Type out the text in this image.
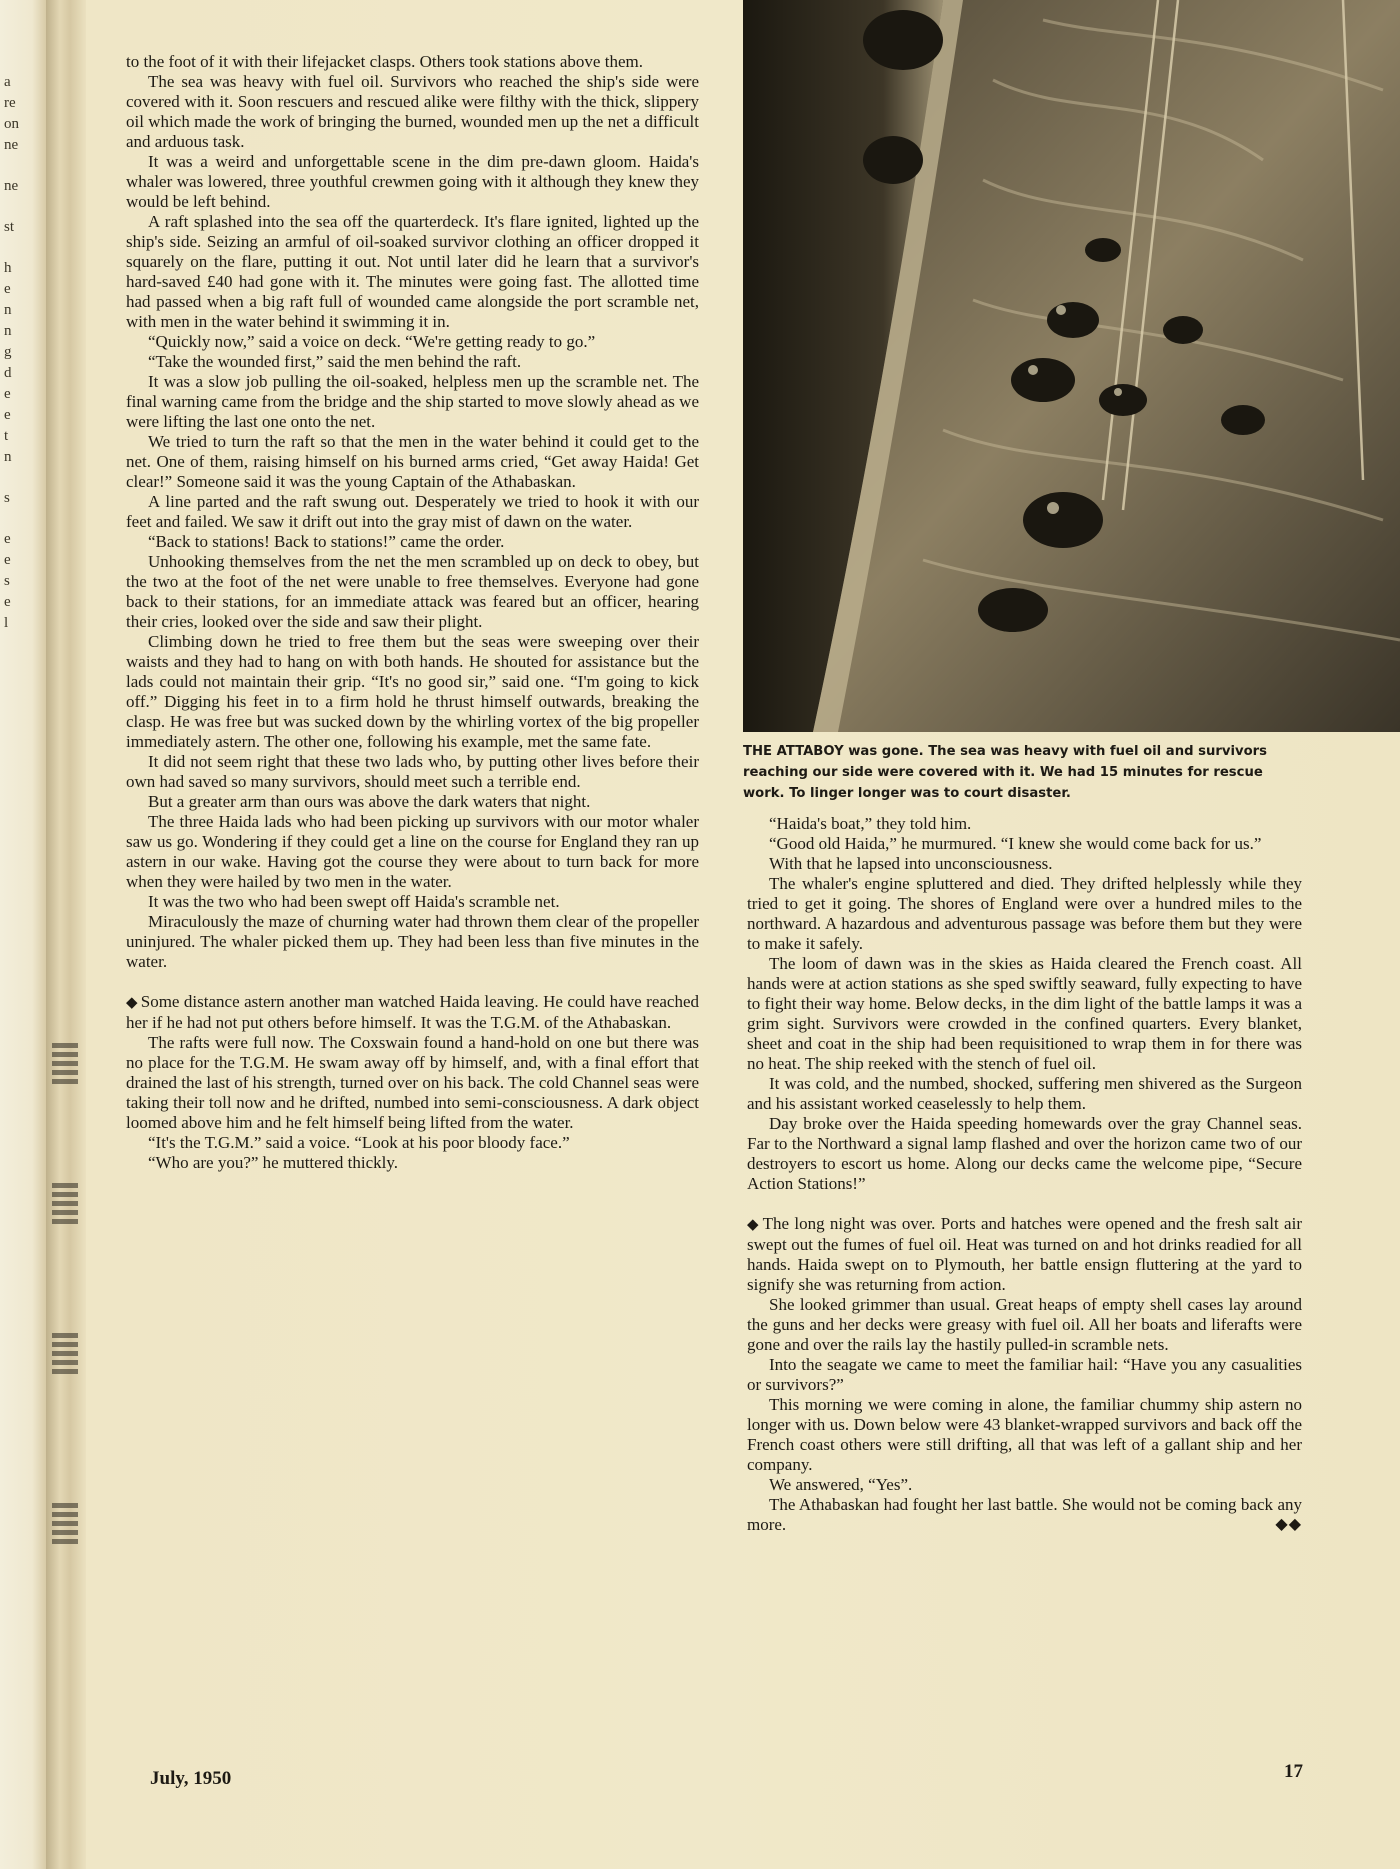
a
re
on
ne
ne
st
h
e
n
n
g
d
e
e
t
n
s
e
e
s
e
l

to the foot of it with their lifejacket clasps. Others took stations above them.

The sea was heavy with fuel oil. Survivors who reached the ship's side were covered with it. Soon rescuers and rescued alike were filthy with the thick, slippery oil which made the work of bringing the burned, wounded men up the net a difficult and arduous task.

It was a weird and unforgettable scene in the dim pre-dawn gloom. Haida's whaler was lowered, three youthful crewmen going with it although they knew they would be left behind.

A raft splashed into the sea off the quarterdeck. It's flare ignited, lighted up the ship's side. Seizing an armful of oil-soaked survivor clothing an officer dropped it squarely on the flare, putting it out. Not until later did he learn that a survivor's hard-saved £40 had gone with it. The minutes were going fast. The allotted time had passed when a big raft full of wounded came alongside the port scramble net, with men in the water behind it swimming it in.

“Quickly now,” said a voice on deck. “We're getting ready to go.”

“Take the wounded first,” said the men behind the raft.

It was a slow job pulling the oil-soaked, helpless men up the scramble net. The final warning came from the bridge and the ship started to move slowly ahead as we were lifting the last one onto the net.

We tried to turn the raft so that the men in the water behind it could get to the net. One of them, raising himself on his burned arms cried, “Get away Haida! Get clear!” Someone said it was the young Captain of the Athabaskan.

A line parted and the raft swung out. Desperately we tried to hook it with our feet and failed. We saw it drift out into the gray mist of dawn on the water.

“Back to stations! Back to stations!” came the order.

Unhooking themselves from the net the men scrambled up on deck to obey, but the two at the foot of the net were unable to free themselves. Everyone had gone back to their stations, for an immediate attack was feared but an officer, hearing their cries, looked over the side and saw their plight.

Climbing down he tried to free them but the seas were sweeping over their waists and they had to hang on with both hands. He shouted for assistance but the lads could not maintain their grip. “It's no good sir,” said one. “I'm going to kick off.” Digging his feet in to a firm hold he thrust himself outwards, breaking the clasp. He was free but was sucked down by the whirling vortex of the big propeller immediately astern. The other one, following his example, met the same fate.

It did not seem right that these two lads who, by putting other lives before their own had saved so many survivors, should meet such a terrible end.

But a greater arm than ours was above the dark waters that night.

The three Haida lads who had been picking up survivors with our motor whaler saw us go. Wondering if they could get a line on the course for England they ran up astern in our wake. Having got the course they were about to turn back for more when they were hailed by two men in the water.

It was the two who had been swept off Haida's scramble net.

Miraculously the maze of churning water had thrown them clear of the propeller uninjured. The whaler picked them up. They had been less than five minutes in the water.

◆ Some distance astern another man watched Haida leaving. He could have reached her if he had not put others before himself. It was the T.G.M. of the Athabaskan.

The rafts were full now. The Coxswain found a hand-hold on one but there was no place for the T.G.M. He swam away off by himself, and, with a final effort that drained the last of his strength, turned over on his back. The cold Channel seas were taking their toll now and he drifted, numbed into semi-consciousness. A dark object loomed above him and he felt himself being lifted from the water.

“It's the T.G.M.” said a voice. “Look at his poor bloody face.”

“Who are you?” he muttered thickly.

THE ATTABOY was gone. The sea was heavy with fuel oil and survivors reaching our side were covered with it. We had 15 minutes for rescue work. To linger longer was to court disaster.

“Haida's boat,” they told him.

“Good old Haida,” he murmured. “I knew she would come back for us.”

With that he lapsed into unconsciousness.

The whaler's engine spluttered and died. They drifted helplessly while they tried to get it going. The shores of England were over a hundred miles to the northward. A hazardous and adventurous passage was before them but they were to make it safely.

The loom of dawn was in the skies as Haida cleared the French coast. All hands were at action stations as she sped swiftly seaward, fully expecting to have to fight their way home. Below decks, in the dim light of the battle lamps it was a grim sight. Survivors were crowded in the confined quarters. Every blanket, sheet and coat in the ship had been requisitioned to wrap them in for there was no heat. The ship reeked with the stench of fuel oil.

It was cold, and the numbed, shocked, suffering men shivered as the Surgeon and his assistant worked ceaselessly to help them.

Day broke over the Haida speeding homewards over the gray Channel seas. Far to the Northward a signal lamp flashed and over the horizon came two of our destroyers to escort us home. Along our decks came the welcome pipe, “Secure Action Stations!”

◆ The long night was over. Ports and hatches were opened and the fresh salt air swept out the fumes of fuel oil. Heat was turned on and hot drinks readied for all hands. Haida swept on to Plymouth, her battle ensign fluttering at the yard to signify she was returning from action.

She looked grimmer than usual. Great heaps of empty shell cases lay around the guns and her decks were greasy with fuel oil. All her boats and liferafts were gone and over the rails lay the hastily pulled-in scramble nets.

Into the seagate we came to meet the familiar hail: “Have you any casualities or survivors?”

This morning we were coming in alone, the familiar chummy ship astern no longer with us. Down below were 43 blanket-wrapped survivors and back off the French coast others were still drifting, all that was left of a gallant ship and her company.

We answered, “Yes”.

The Athabaskan had fought her last battle. She would not be coming back any more.	◆◆

July, 1950	17
